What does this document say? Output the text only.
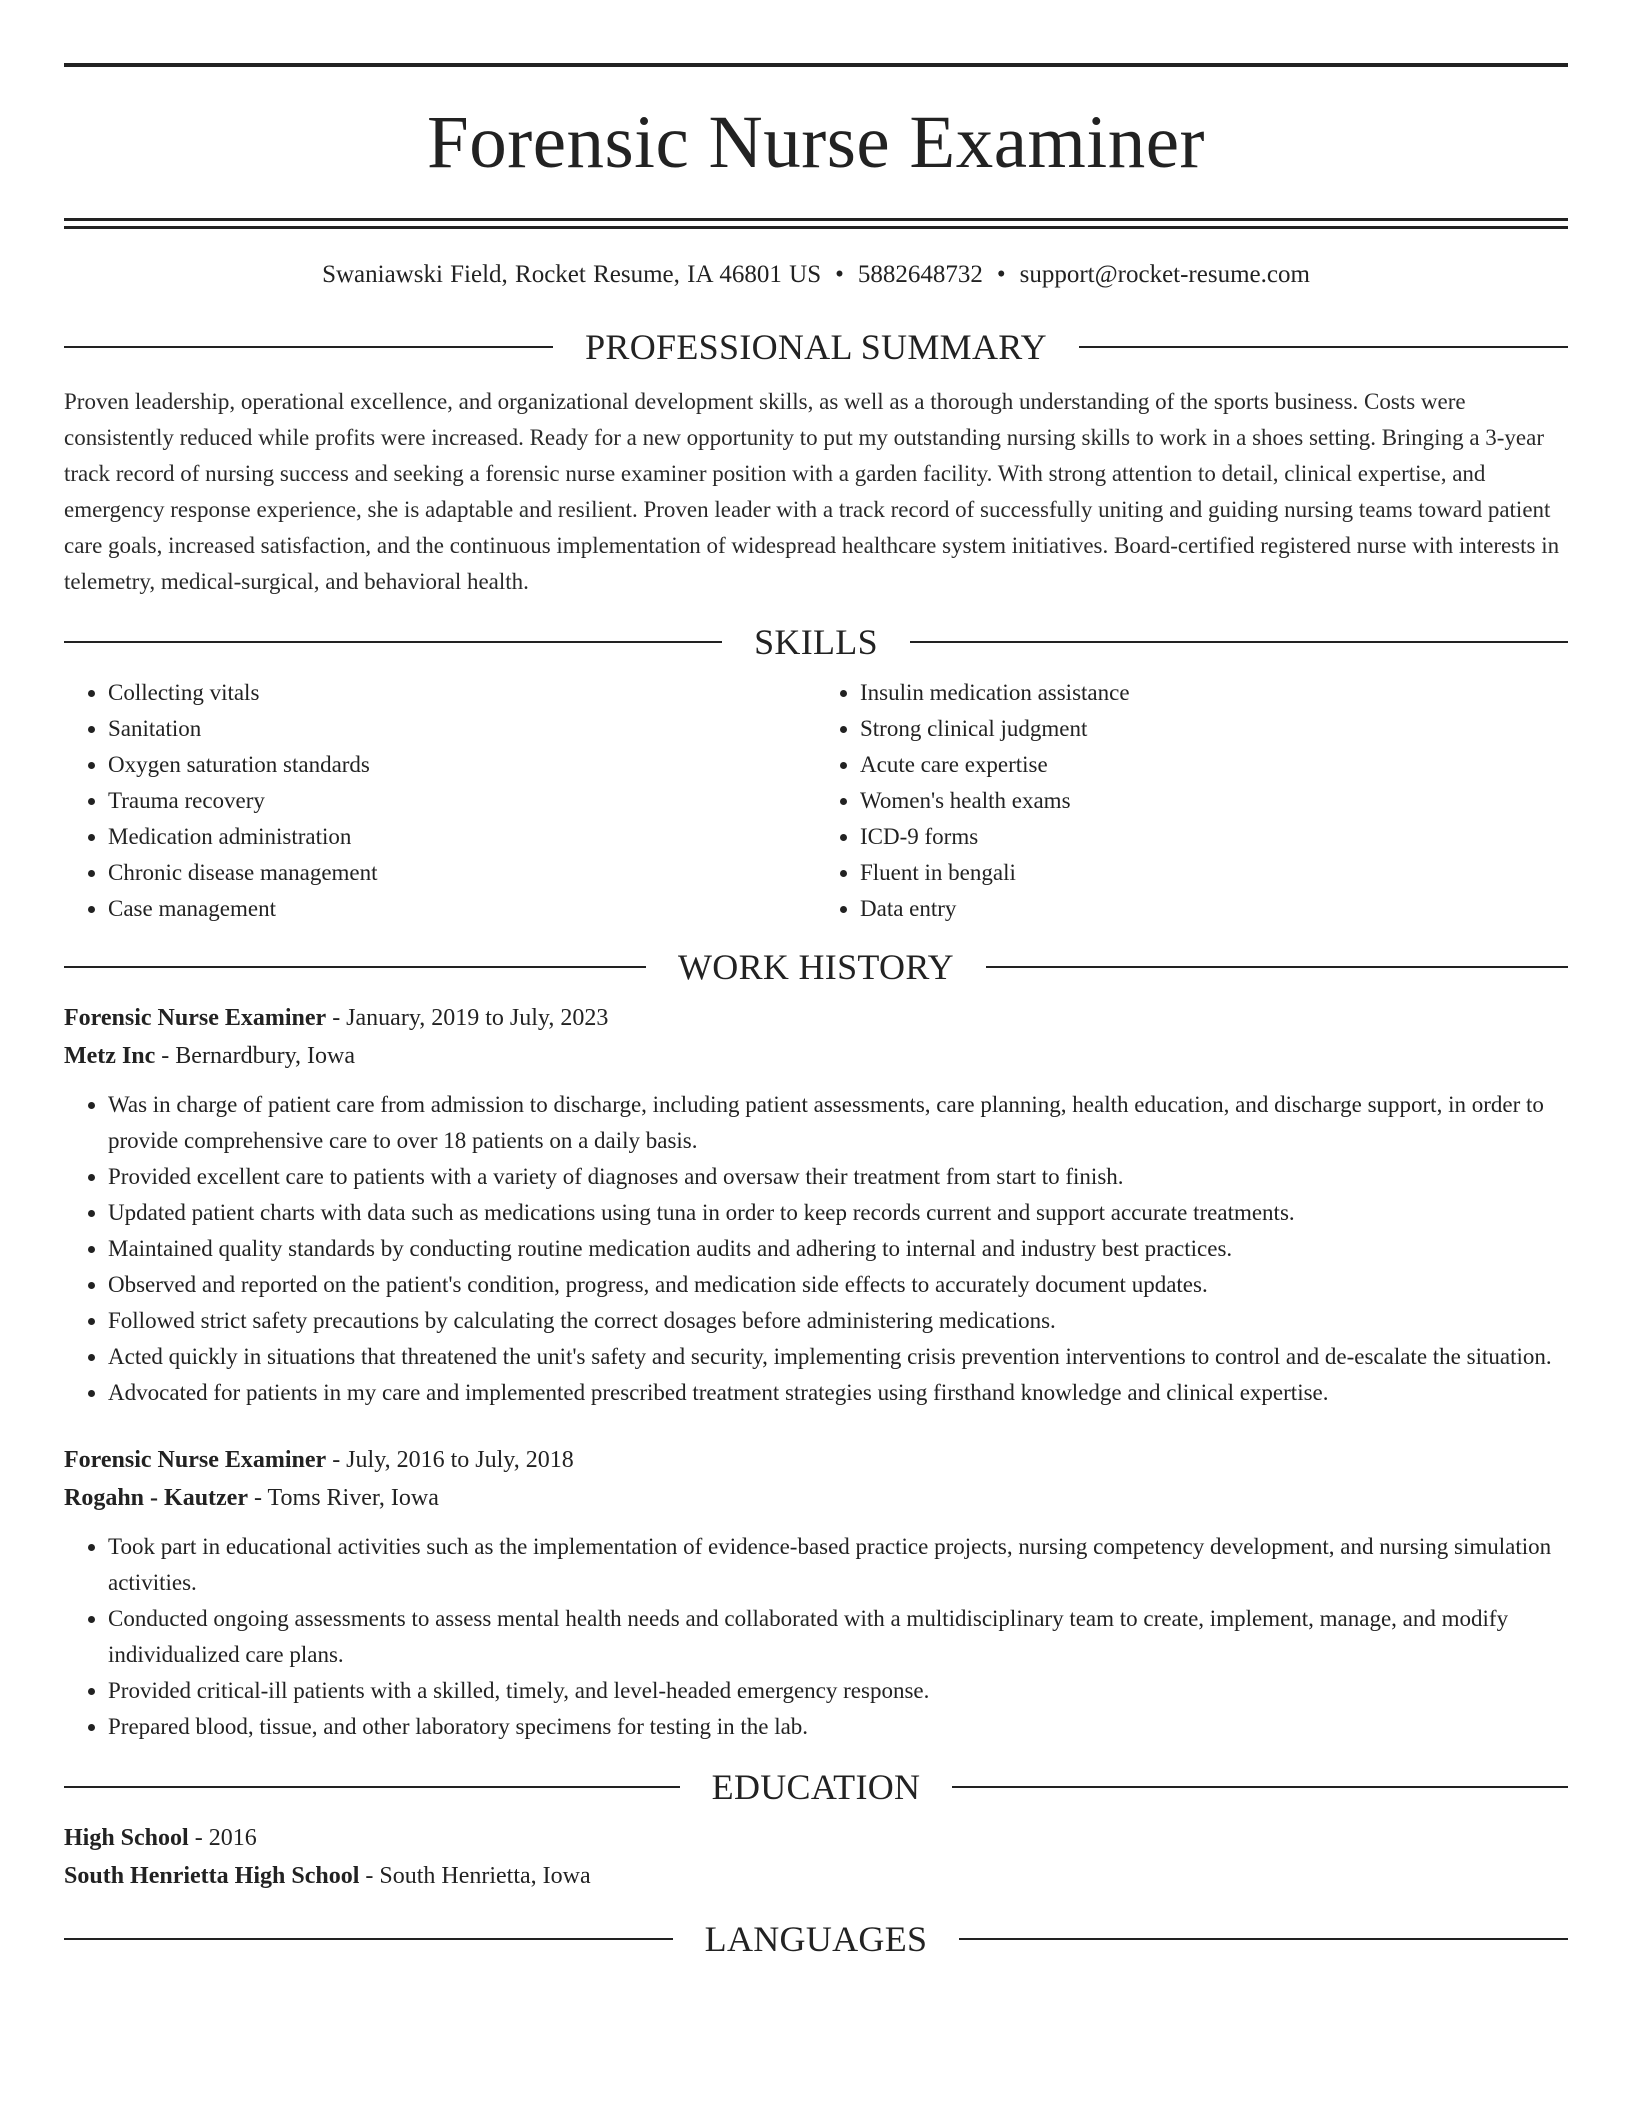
Forensic Nurse Examiner
Swaniawski Field, Rocket Resume, IA 46801 US • 5882648732 • support@rocket-resume.com
PROFESSIONAL SUMMARY

Proven leadership, operational excellence, and organizational development skills, as well as a thorough understanding of the sports business. Costs were consistently reduced while profits were increased. Ready for a new opportunity to put my outstanding nursing skills to work in a shoes setting. Bringing a 3-year track record of nursing success and seeking a forensic nurse examiner position with a garden facility. With strong attention to detail, clinical expertise, and emergency response experience, she is adaptable and resilient. Proven leader with a track record of successfully uniting and guiding nursing teams toward patient care goals, increased satisfaction, and the continuous implementation of widespread healthcare system initiatives. Board-certified registered nurse with interests in telemetry, medical-surgical, and behavioral health.

SKILLS
• Collecting vitals
• Sanitation
• Oxygen saturation standards
• Trauma recovery
• Medication administration
• Chronic disease management
• Case management
• Insulin medication assistance
• Strong clinical judgment
• Acute care expertise
• Women's health exams
• ICD-9 forms
• Fluent in bengali
• Data entry
WORK HISTORY
Forensic Nurse Examiner - January, 2019 to July, 2023
Metz Inc - Bernardbury, Iowa
• Was in charge of patient care from admission to discharge, including patient assessments, care planning, health education, and discharge support, in order to provide comprehensive care to over 18 patients on a daily basis.
• Provided excellent care to patients with a variety of diagnoses and oversaw their treatment from start to finish.
• Updated patient charts with data such as medications using tuna in order to keep records current and support accurate treatments.
• Maintained quality standards by conducting routine medication audits and adhering to internal and industry best practices.
• Observed and reported on the patient's condition, progress, and medication side effects to accurately document updates.
• Followed strict safety precautions by calculating the correct dosages before administering medications.
• Acted quickly in situations that threatened the unit's safety and security, implementing crisis prevention interventions to control and de-escalate the situation.
• Advocated for patients in my care and implemented prescribed treatment strategies using firsthand knowledge and clinical expertise.
Forensic Nurse Examiner - July, 2016 to July, 2018
Rogahn - Kautzer - Toms River, Iowa
• Took part in educational activities such as the implementation of evidence-based practice projects, nursing competency development, and nursing simulation activities.
• Conducted ongoing assessments to assess mental health needs and collaborated with a multidisciplinary team to create, implement, manage, and modify individualized care plans.
• Provided critical-ill patients with a skilled, timely, and level-headed emergency response.
• Prepared blood, tissue, and other laboratory specimens for testing in the lab.
EDUCATION
High School - 2016
South Henrietta High School - South Henrietta, Iowa
LANGUAGES
